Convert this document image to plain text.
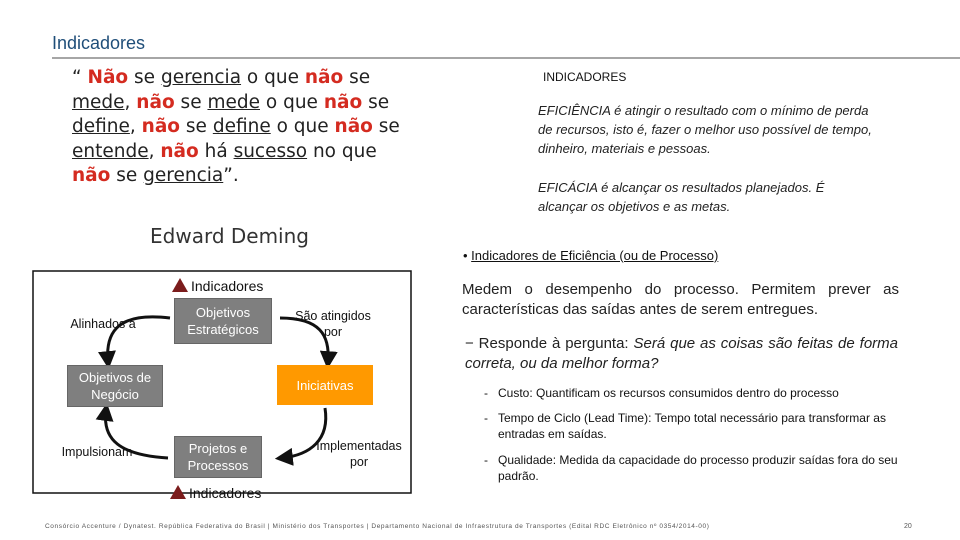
Indicadores
“ Não se gerencia o que não se mede, não se mede o que não se define, não se define o que não se entende, não há sucesso no que não se gerencia”.
Edward Deming
INDICADORES
EFICIÊNCIA é atingir o resultado com o mínimo de perda de recursos, isto é, fazer o melhor uso possível de tempo, dinheiro, materiais e pessoas.
EFICÁCIA é alcançar os resultados planejados. É alcançar os objetivos e as metas.
• Indicadores de Eficiência (ou de Processo)
Medem o desempenho do processo. Permitem prever as características das saídas antes de serem entregues.
− Responde à pergunta: Será que as coisas são feitas de forma correta, ou da melhor forma?
- Custo: Quantificam os recursos consumidos dentro do processo
- Tempo de Ciclo (Lead Time): Tempo total necessário para transformar as entradas em saídas.
- Qualidade: Medida da capacidade do processo produzir saídas fora do seu padrão.
Indicadores
Objetivos Estratégicos
Alinhados a
São atingidos por
Objetivos de Negócio
Iniciativas
Projetos e Processos
Impulsionam	Implementadas por
Indicadores
Consórcio Accenture / Dynatest. República Federativa do Brasil | Ministério dos Transportes | Departamento Nacional de Infraestrutura de Transportes (Edital RDC Eletrônico nº 0354/2014-00)	20
